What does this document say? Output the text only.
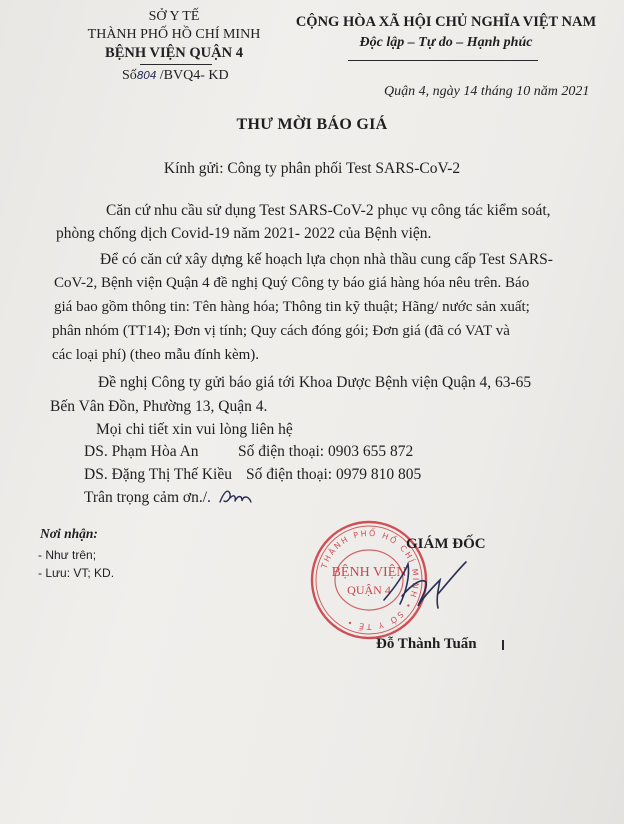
SỞ Y TẾ
THÀNH PHỐ HỒ CHÍ MINH
BỆNH VIỆN QUẬN 4
Số804 /BVQ4- KD
CỘNG HÒA XÃ HỘI CHỦ NGHĨA VIỆT NAM
Độc lập – Tự do – Hạnh phúc
Quận 4, ngày 14 tháng 10 năm 2021
THƯ MỜI BÁO GIÁ
Kính gửi: Công ty phân phối Test SARS-CoV-2
Căn cứ nhu cầu sử dụng Test SARS-CoV-2 phục vụ công tác kiểm soát,
phòng chống dịch Covid-19 năm 2021- 2022 của Bệnh viện.
Để có căn cứ xây dựng kế hoạch lựa chọn nhà thầu cung cấp Test SARS-
CoV-2, Bệnh viện Quận 4 đề nghị Quý Công ty báo giá hàng hóa nêu trên. Báo
giá bao gồm thông tin: Tên hàng hóa; Thông tin kỹ thuật; Hãng/ nước sản xuất;
phân nhóm (TT14); Đơn vị tính; Quy cách đóng gói; Đơn giá (đã có VAT và
các loại phí) (theo mẫu đính kèm).
Đề nghị Công ty gửi báo giá tới Khoa Dược Bệnh viện Quận 4, 63-65
Bến Vân Đồn, Phường 13, Quận 4.
Mọi chi tiết xin vui lòng liên hệ
DS. Phạm Hòa An	Số điện thoại: 0903 655 872
DS. Đặng Thị Thế Kiều Số điện thoại: 0979 810 805
Trân trọng cảm ơn./.
Nơi nhận:
- Như trên;
- Lưu: VT; KD.
THÀNH PHỐ HỒ CHÍ MINH • SỞ Y TẾ •
BỆNH VIỆN
QUẬN 4
GIÁM ĐỐC
Đỗ Thành Tuấn
